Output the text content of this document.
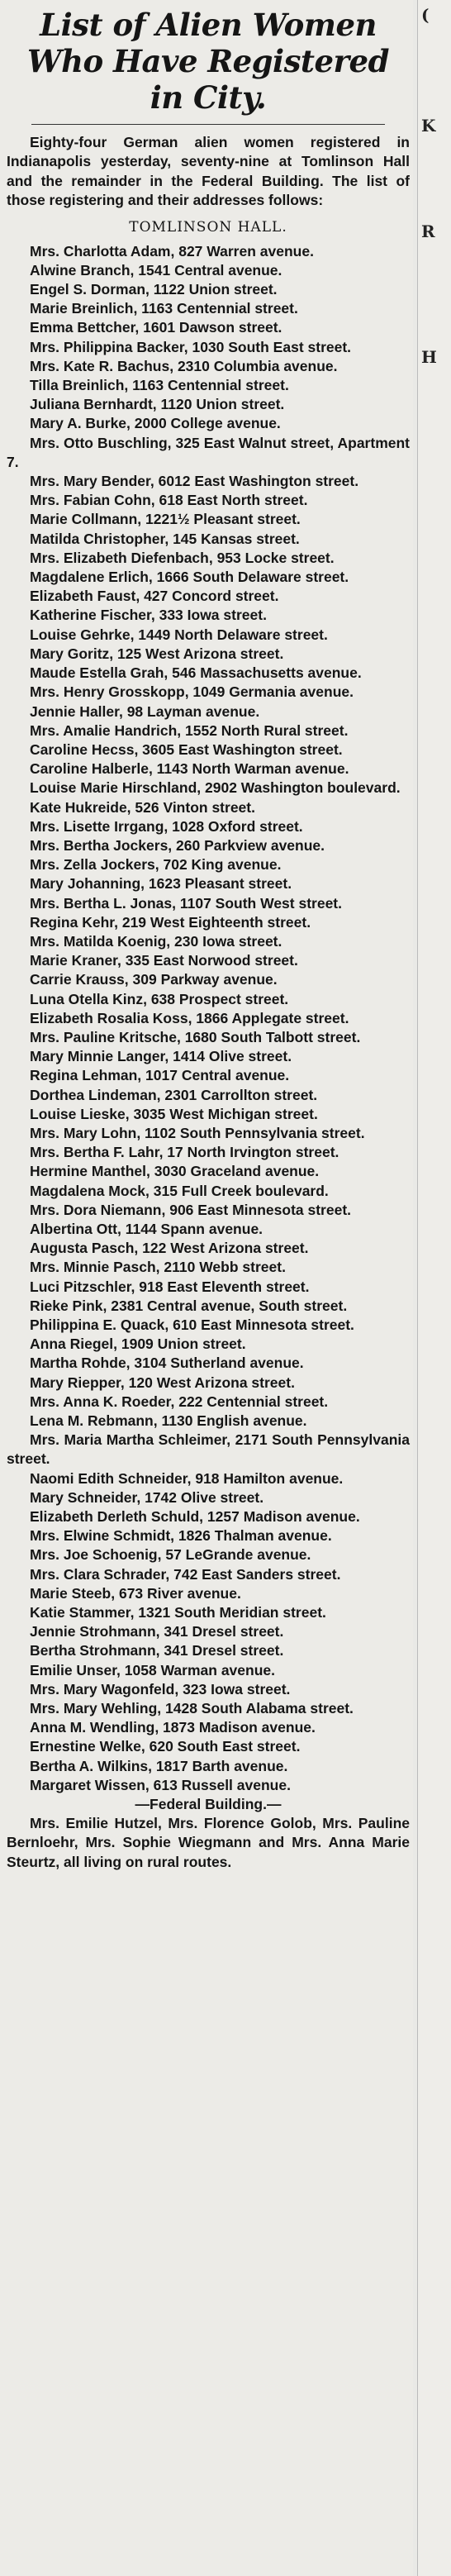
List of Alien Women Who Have Registered in City.

Eighty-four German alien women registered in Indianapolis yesterday, seventy-nine at Tomlinson Hall and the remainder in the Federal Building. The list of those registering and their addresses follows:

TOMLINSON HALL.

Mrs. Charlotta Adam, 827 Warren avenue.

Alwine Branch, 1541 Central avenue.

Engel S. Dorman, 1122 Union street.

Marie Breinlich, 1163 Centennial street.

Emma Bettcher, 1601 Dawson street.

Mrs. Philippina Backer, 1030 South East street.

Mrs. Kate R. Bachus, 2310 Columbia avenue.

Tilla Breinlich, 1163 Centennial street.

Juliana Bernhardt, 1120 Union street.

Mary A. Burke, 2000 College avenue.

Mrs. Otto Buschling, 325 East Walnut street, Apartment 7.

Mrs. Mary Bender, 6012 East Washington street.

Mrs. Fabian Cohn, 618 East North street.

Marie Collmann, 1221½ Pleasant street.

Matilda Christopher, 145 Kansas street.

Mrs. Elizabeth Diefenbach, 953 Locke street.

Magdalene Erlich, 1666 South Delaware street.

Elizabeth Faust, 427 Concord street.

Katherine Fischer, 333 Iowa street.

Louise Gehrke, 1449 North Delaware street.

Mary Goritz, 125 West Arizona street.

Maude Estella Grah, 546 Massachusetts avenue.

Mrs. Henry Grosskopp, 1049 Germania avenue.

Jennie Haller, 98 Layman avenue.

Mrs. Amalie Handrich, 1552 North Rural street.

Caroline Hecss, 3605 East Washington street.

Caroline Halberle, 1143 North Warman avenue.

Louise Marie Hirschland, 2902 Washington boulevard.

Kate Hukreide, 526 Vinton street.

Mrs. Lisette Irrgang, 1028 Oxford street.

Mrs. Bertha Jockers, 260 Parkview avenue.

Mrs. Zella Jockers, 702 King avenue.

Mary Johanning, 1623 Pleasant street.

Mrs. Bertha L. Jonas, 1107 South West street.

Regina Kehr, 219 West Eighteenth street.

Mrs. Matilda Koenig, 230 Iowa street.

Marie Kraner, 335 East Norwood street.

Carrie Krauss, 309 Parkway avenue.

Luna Otella Kinz, 638 Prospect street.

Elizabeth Rosalia Koss, 1866 Applegate street.

Mrs. Pauline Kritsche, 1680 South Talbott street.

Mary Minnie Langer, 1414 Olive street.

Regina Lehman, 1017 Central avenue.

Dorthea Lindeman, 2301 Carrollton street.

Louise Lieske, 3035 West Michigan street.

Mrs. Mary Lohn, 1102 South Pennsylvania street.

Mrs. Bertha F. Lahr, 17 North Irvington street.

Hermine Manthel, 3030 Graceland avenue.

Magdalena Mock, 315 Full Creek boulevard.

Mrs. Dora Niemann, 906 East Minnesota street.

Albertina Ott, 1144 Spann avenue.

Augusta Pasch, 122 West Arizona street.

Mrs. Minnie Pasch, 2110 Webb street.

Luci Pitzschler, 918 East Eleventh street.

Rieke Pink, 2381 Central avenue, South street.

Philippina E. Quack, 610 East Minnesota street.

Anna Riegel, 1909 Union street.

Martha Rohde, 3104 Sutherland avenue.

Mary Riepper, 120 West Arizona street.

Mrs. Anna K. Roeder, 222 Centennial street.

Lena M. Rebmann, 1130 English avenue.

Mrs. Maria Martha Schleimer, 2171 South Pennsylvania street.

Naomi Edith Schneider, 918 Hamilton avenue.

Mary Schneider, 1742 Olive street.

Elizabeth Derleth Schuld, 1257 Madison avenue.

Mrs. Elwine Schmidt, 1826 Thalman avenue.

Mrs. Joe Schoenig, 57 LeGrande avenue.

Mrs. Clara Schrader, 742 East Sanders street.

Marie Steeb, 673 River avenue.

Katie Stammer, 1321 South Meridian street.

Jennie Strohmann, 341 Dresel street.

Bertha Strohmann, 341 Dresel street.

Emilie Unser, 1058 Warman avenue.

Mrs. Mary Wagonfeld, 323 Iowa street.

Mrs. Mary Wehling, 1428 South Alabama street.

Anna M. Wendling, 1873 Madison avenue.

Ernestine Welke, 620 South East street.

Bertha A. Wilkins, 1817 Barth avenue.

Margaret Wissen, 613 Russell avenue.

—Federal Building.—

Mrs. Emilie Hutzel, Mrs. Florence Golob, Mrs. Pauline Bernloehr, Mrs. Sophie Wiegmann and Mrs. Anna Marie Steurtz, all living on rural routes.

(
K
R
H
